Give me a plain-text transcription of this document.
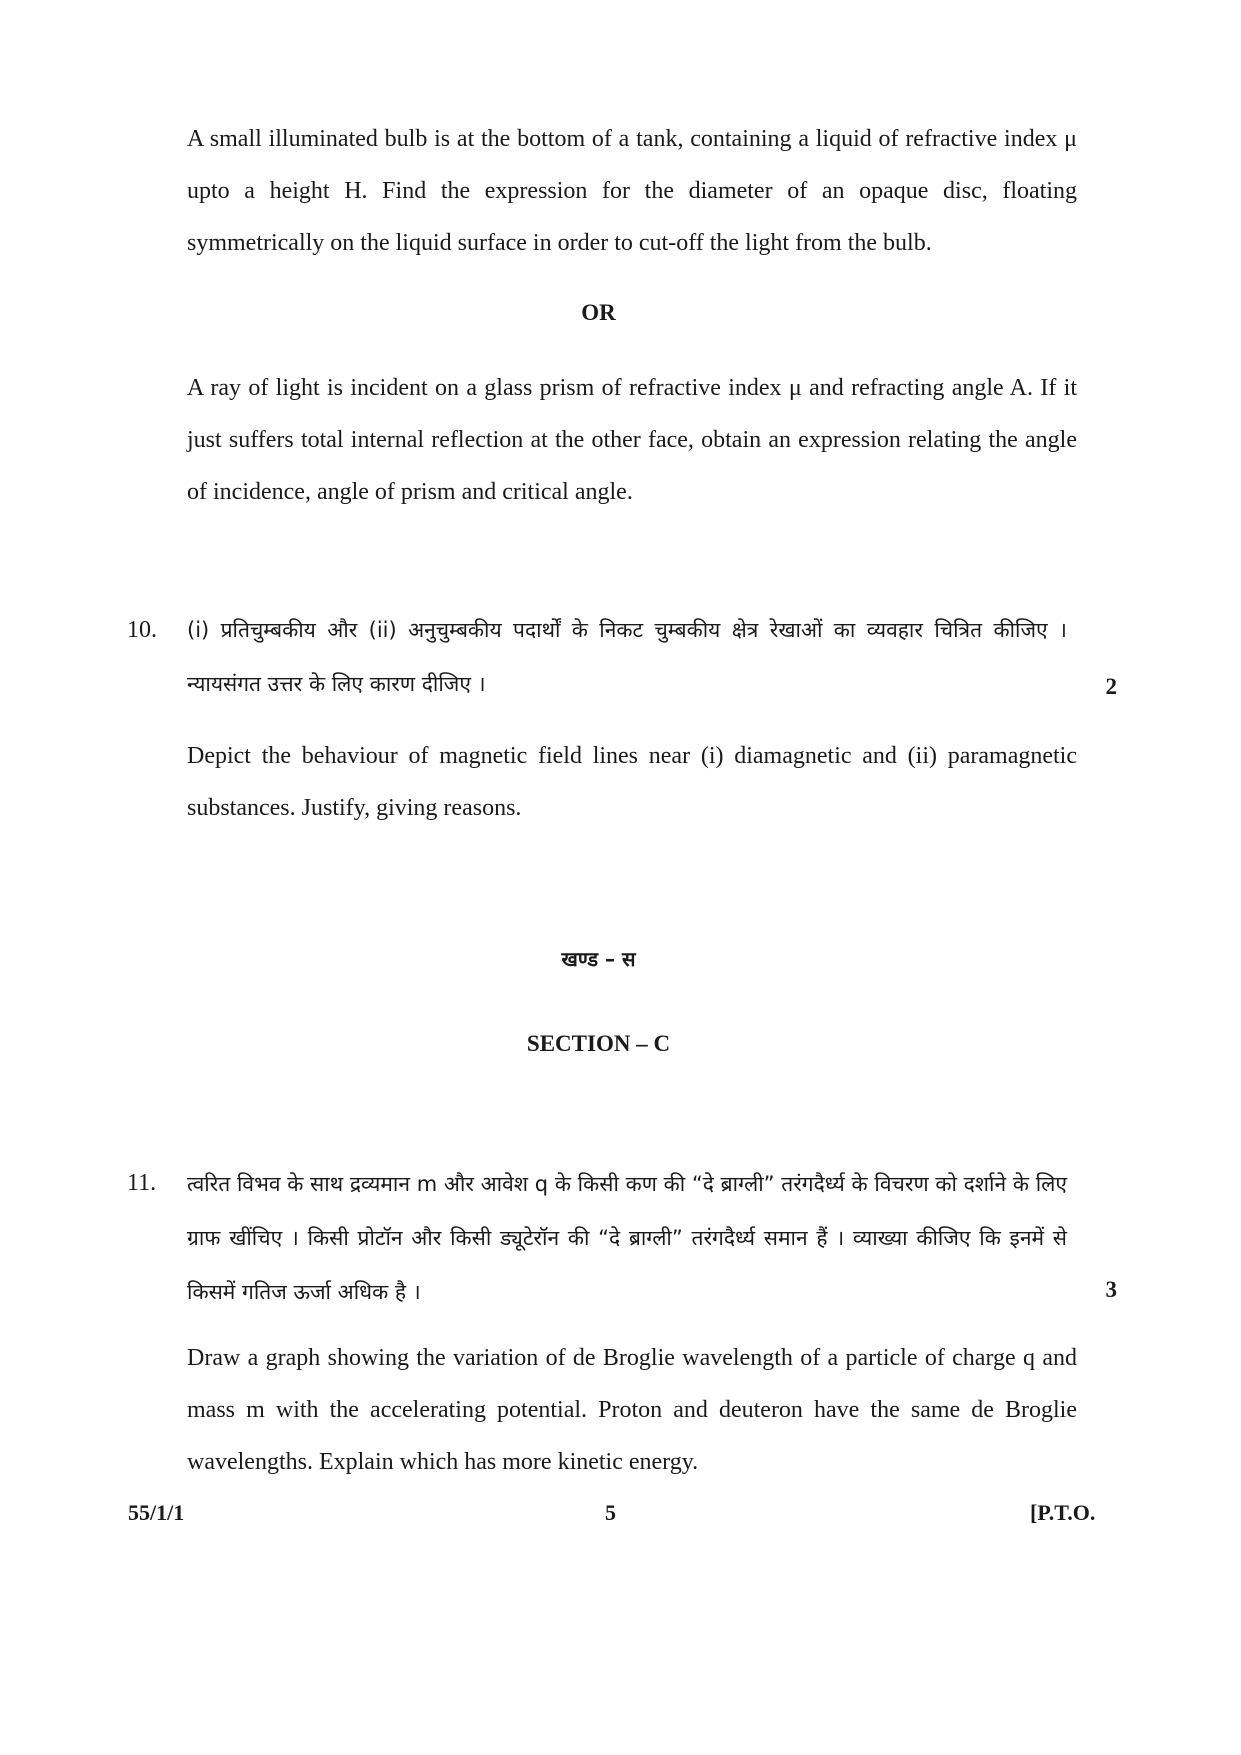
A small illuminated bulb is at the bottom of a tank, containing a liquid of refractive index μ upto a height H. Find the expression for the diameter of an opaque disc, floating symmetrically on the liquid surface in order to cut-off the light from the bulb.

OR

A ray of light is incident on a glass prism of refractive index μ and refracting angle A. If it just suffers total internal reflection at the other face, obtain an expression relating the angle of incidence, angle of prism and critical angle.

10. (i) प्रतिचुम्बकीय और (ii) अनुचुम्बकीय पदार्थों के निकट चुम्बकीय क्षेत्र रेखाओं का व्यवहार चित्रित कीजिए । न्यायसंगत उत्तर के लिए कारण दीजिए ।	2

Depict the behaviour of magnetic field lines near (i) diamagnetic and (ii) paramagnetic substances. Justify, giving reasons.

खण्ड – स

SECTION – C

11. त्वरित विभव के साथ द्रव्यमान m और आवेश q के किसी कण की “दे ब्राग्ली” तरंगदैर्ध्य के विचरण को दर्शाने के लिए ग्राफ खींचिए । किसी प्रोटॉन और किसी ड्यूटेरॉन की “दे ब्राग्ली” तरंगदैर्ध्य समान हैं । व्याख्या कीजिए कि इनमें से किसमें गतिज ऊर्जा अधिक है ।	3

Draw a graph showing the variation of de Broglie wavelength of a particle of charge q and mass m with the accelerating potential. Proton and deuteron have the same de Broglie wavelengths. Explain which has more kinetic energy.

55/1/1	5	[P.T.O.
